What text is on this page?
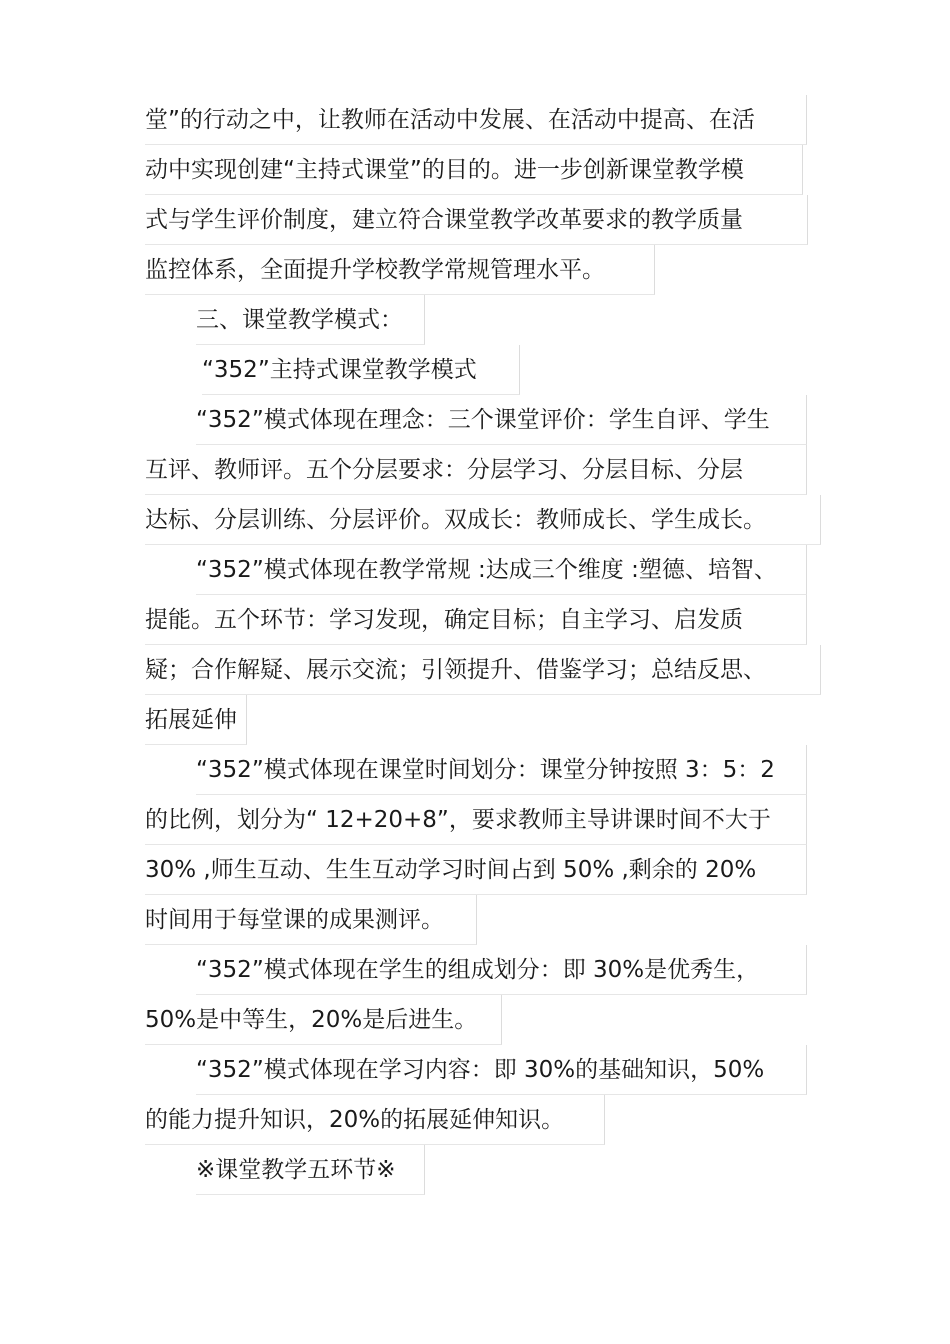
堂”的行动之中，让教师在活动中发展、在活动中提高、在活
动中实现创建“主持式课堂”的目的。进一步创新课堂教学模
式与学生评价制度，建立符合课堂教学改革要求的教学质量
监控体系，全面提升学校教学常规管理水平。
三、课堂教学模式：
“352”主持式课堂教学模式
“352”模式体现在理念：三个课堂评价：学生自评、学生
互评、教师评。五个分层要求：分层学习、分层目标、分层
达标、分层训练、分层评价。双成长：教师成长、学生成长。
“352”模式体现在教学常规 :达成三个维度 :塑德、培智、
提能。五个环节：学习发现，确定目标；自主学习、启发质
疑；合作解疑、展示交流；引领提升、借鉴学习；总结反思、
拓展延伸
“352”模式体现在课堂时间划分：课堂分钟按照 3：5：2
的比例，划分为“ 12+20+8”，要求教师主导讲课时间不大于
30% ,师生互动、生生互动学习时间占到 50% ,剩余的 20%
时间用于每堂课的成果测评。
“352”模式体现在学生的组成划分：即 30%是优秀生，
50%是中等生，20%是后进生。
“352”模式体现在学习内容：即 30%的基础知识，50%
的能力提升知识，20%的拓展延伸知识。
※课堂教学五环节※
